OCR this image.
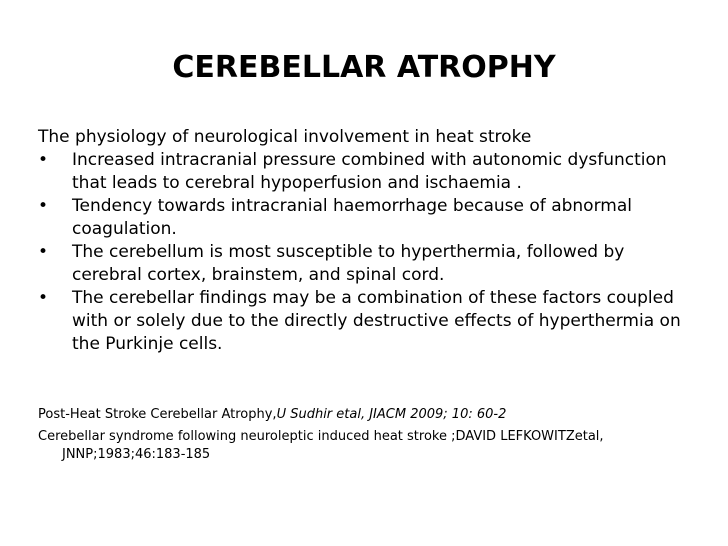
CEREBELLAR ATROPHY

The physiology of neurological involvement in heat stroke

•	Increased intracranial pressure combined with autonomic dysfunction that leads to cerebral hypoperfusion and ischaemia .
•	Tendency towards intracranial haemorrhage because of abnormal coagulation.
•	The cerebellum is most susceptible to hyperthermia, followed by cerebral cortex, brainstem, and spinal cord.
•	The cerebellar findings may be a combination of these factors coupled with or solely due to the directly destructive effects of hyperthermia on the Purkinje cells.

Post-Heat Stroke Cerebellar Atrophy,U Sudhir etal, JIACM 2009; 10: 60-2

Cerebellar syndrome following neuroleptic induced heat stroke ;DAVID LEFKOWITZetal, JNNP;1983;46:183-185
